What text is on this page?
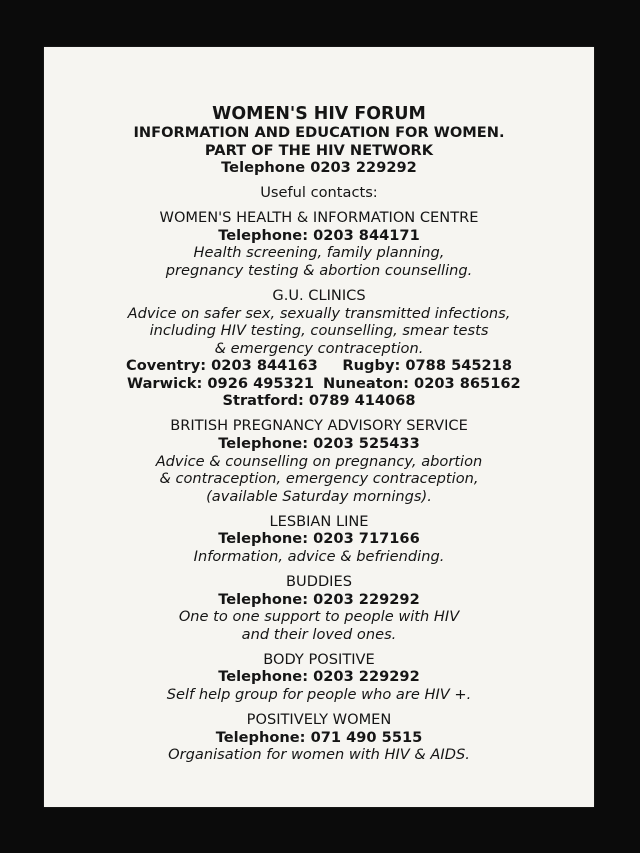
WOMEN'S HIV FORUM
INFORMATION AND EDUCATION FOR WOMEN.
PART OF THE HIV NETWORK
Telephone 0203 229292
Useful contacts:
WOMEN'S HEALTH & INFORMATION CENTRE
Telephone: 0203 844171
Health screening, family planning,
pregnancy testing & abortion counselling.
G.U. CLINICS
Advice on safer sex, sexually transmitted infections,
including HIV testing, counselling, smear tests
& emergency contraception.
Coventry: 0203 844163	Rugby: 0788 545218
Warwick: 0926 495321 Nuneaton: 0203 865162
Stratford: 0789 414068
BRITISH PREGNANCY ADVISORY SERVICE
Telephone: 0203 525433
Advice & counselling on pregnancy, abortion
& contraception, emergency contraception,
(available Saturday mornings).
LESBIAN LINE
Telephone: 0203 717166
Information, advice & befriending.
BUDDIES
Telephone: 0203 229292
One to one support to people with HIV
and their loved ones.
BODY POSITIVE
Telephone: 0203 229292
Self help group for people who are HIV +.
POSITIVELY WOMEN
Telephone: 071 490 5515
Organisation for women with HIV & AIDS.
